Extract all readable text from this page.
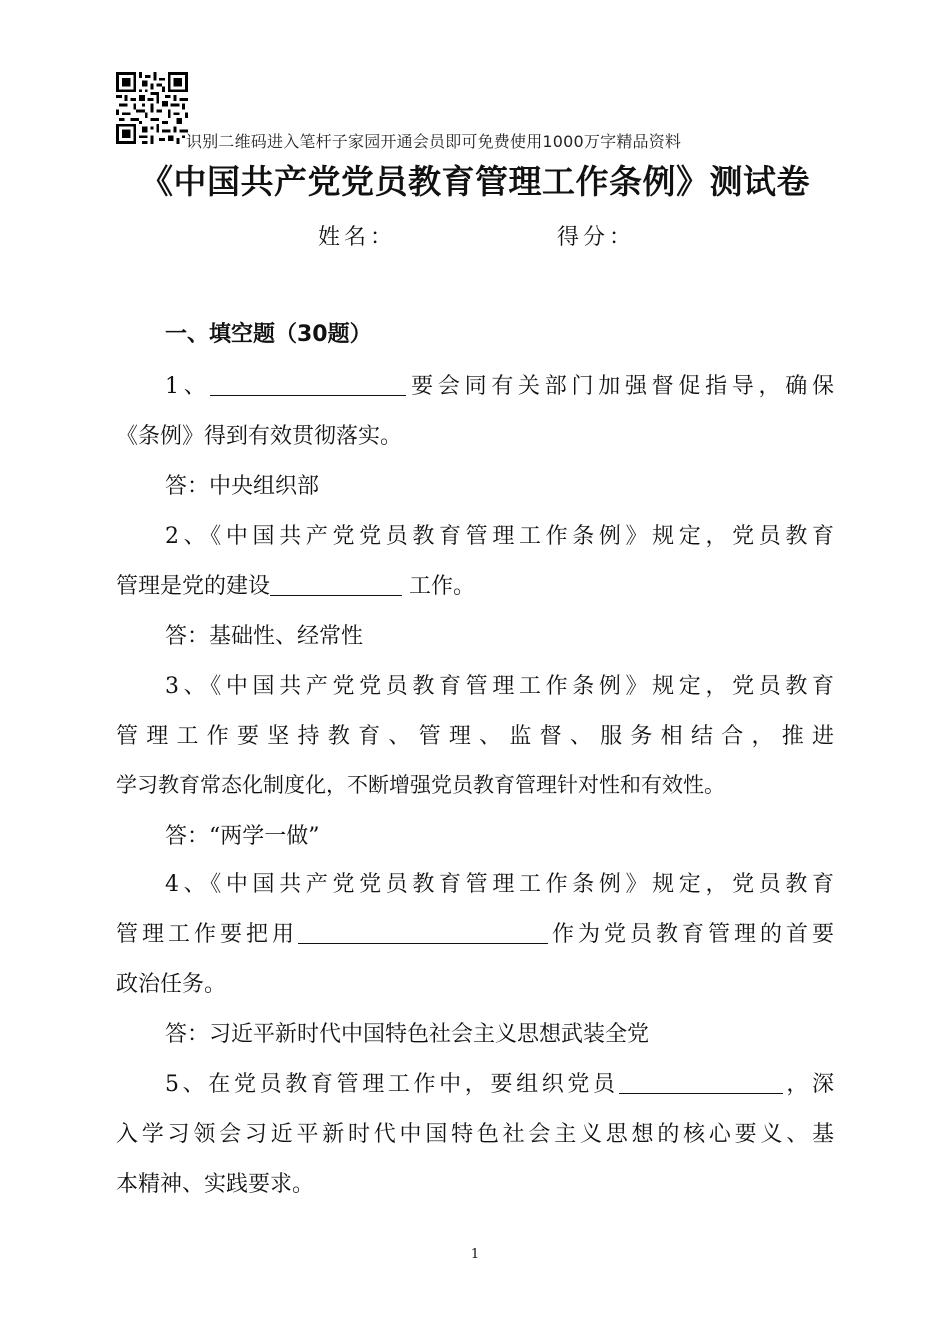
识别二维码进入笔杆子家园开通会员即可免费使用1000万字精品资料
《中国共产党党员教育管理工作条例》测试卷
姓名：	得分：
一、填空题（30题）
1、	要会同有关部门加强督促指导，确保
《条例》得到有效贯彻落实。
答：中央组织部
2、《中国共产党党员教育管理工作条例》规定，党员教育
管理是党的建设	工作。
答：基础性、经常性
3、《中国共产党党员教育管理工作条例》规定，党员教育
管理工作要坚持教育、管理、监督、服务相结合，推进
学习教育常态化制度化，不断增强党员教育管理针对性和有效性。
答：“两学一做”
4、《中国共产党党员教育管理工作条例》规定，党员教育
管理工作要把用	作为党员教育管理的首要
政治任务。
答：习近平新时代中国特色社会主义思想武装全党
5、在党员教育管理工作中，要组织党员	，深
入学习领会习近平新时代中国特色社会主义思想的核心要义、基
本精神、实践要求。
1
